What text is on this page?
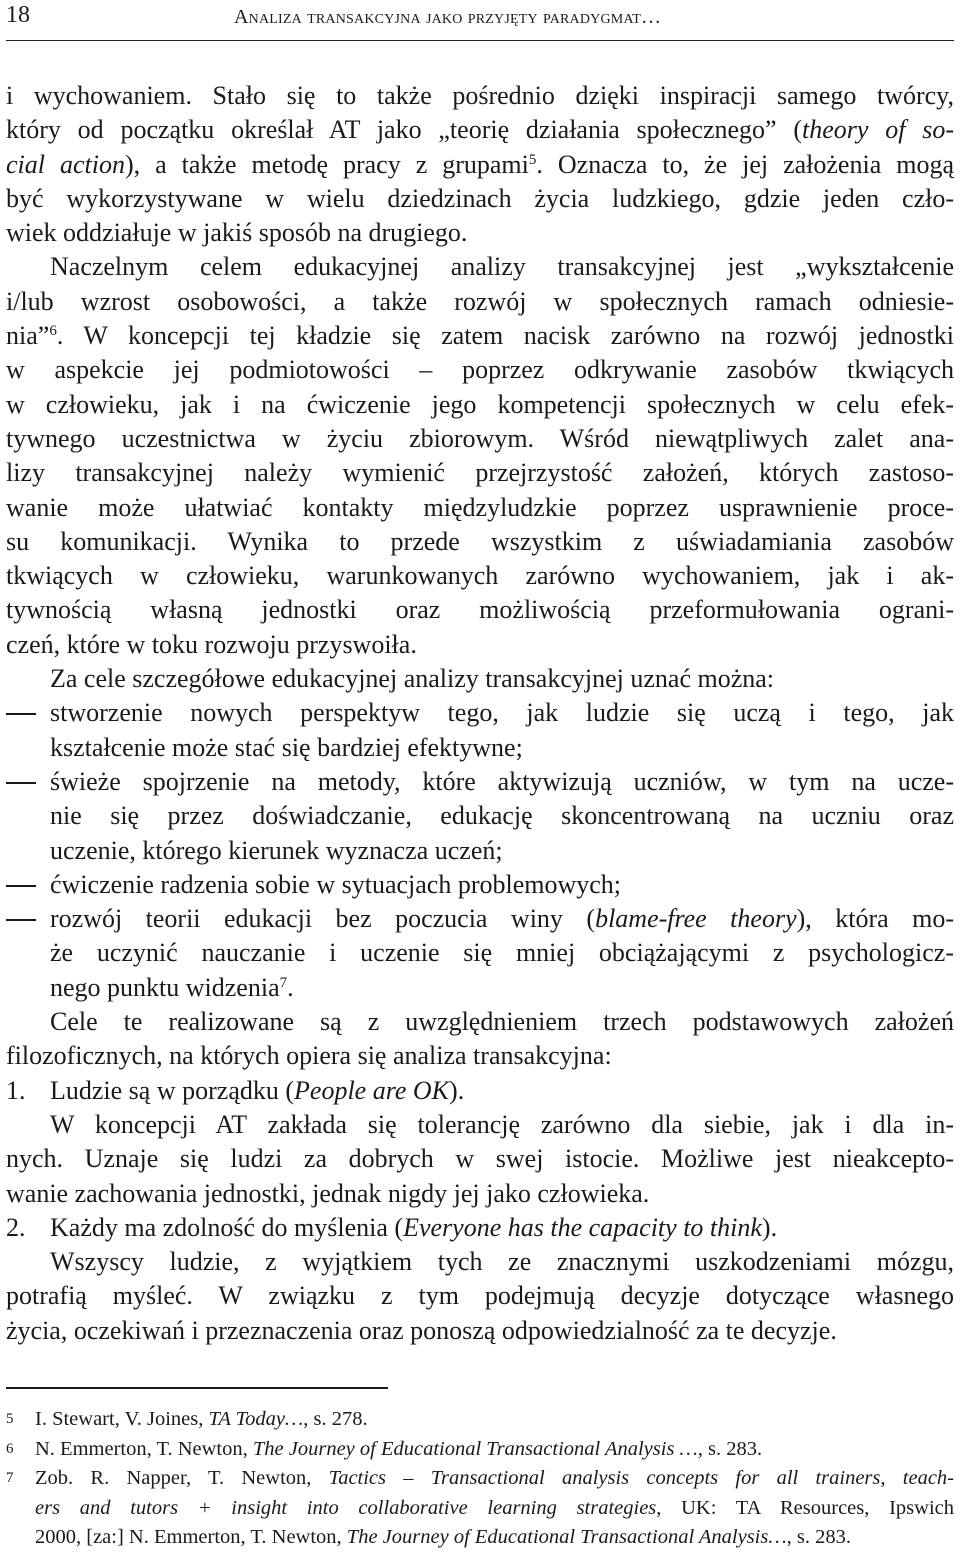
18	Analiza transakcyjna jako przyjęty paradygmat…
i wychowaniem. Stało się to także pośrednio dzięki inspiracji samego twórcy,
który od początku określał AT jako „teorię działania społecznego” (theory of so-
cial action), a także metodę pracy z grupami$^5$. Oznacza to, że jej założenia mogą
być wykorzystywane w wielu dziedzinach życia ludzkiego, gdzie jeden czło-
wiek oddziałuje w jakiś sposób na drugiego.
Naczelnym celem edukacyjnej analizy transakcyjnej jest „wykształcenie
i/lub wzrost osobowości, a także rozwój w społecznych ramach odniesie-
nia”$^6$. W koncepcji tej kładzie się zatem nacisk zarówno na rozwój jednostki
w aspekcie jej podmiotowości – poprzez odkrywanie zasobów tkwiących
w człowieku, jak i na ćwiczenie jego kompetencji społecznych w celu efek-
tywnego uczestnictwa w życiu zbiorowym. Wśród niewątpliwych zalet ana-
lizy transakcyjnej należy wymienić przejrzystość założeń, których zastoso-
wanie może ułatwiać kontakty międzyludzkie poprzez usprawnienie proce-
su komunikacji. Wynika to przede wszystkim z uświadamiania zasobów
tkwiących w człowieku, warunkowanych zarówno wychowaniem, jak i ak-
tywnością własną jednostki oraz możliwością przeformułowania ograni-
czeń, które w toku rozwoju przyswoiła.
Za cele szczegółowe edukacyjnej analizy transakcyjnej uznać można:
stworzenie nowych perspektyw tego, jak ludzie się uczą i tego, jak
kształcenie może stać się bardziej efektywne;
świeże spojrzenie na metody, które aktywizują uczniów, w tym na ucze-
nie się przez doświadczanie, edukację skoncentrowaną na uczniu oraz
uczenie, którego kierunek wyznacza uczeń;
ćwiczenie radzenia sobie w sytuacjach problemowych;
rozwój teorii edukacji bez poczucia winy (blame-free theory), która mo-
że uczynić nauczanie i uczenie się mniej obciążającymi z psychologicz-
nego punktu widzenia$^7$.
Cele te realizowane są z uwzględnieniem trzech podstawowych założeń
filozoficznych, na których opiera się analiza transakcyjna:
1. Ludzie są w porządku (People are OK).
W koncepcji AT zakłada się tolerancję zarówno dla siebie, jak i dla in-
nych. Uznaje się ludzi za dobrych w swej istocie. Możliwe jest nieakcepto-
wanie zachowania jednostki, jednak nigdy jej jako człowieka.
2. Każdy ma zdolność do myślenia (Everyone has the capacity to think).
Wszyscy ludzie, z wyjątkiem tych ze znacznymi uszkodzeniami mózgu,
potrafią myśleć. W związku z tym podejmują decyzje dotyczące własnego
życia, oczekiwań i przeznaczenia oraz ponoszą odpowiedzialność za te decyzje.
5 I. Stewart, V. Joines, TA Today…, s. 278.
6 N. Emmerton, T. Newton, The Journey of Educational Transactional Analysis …, s. 283.
7 Zob. R. Napper, T. Newton, Tactics – Transactional analysis concepts for all trainers, teach-
ers and tutors + insight into collaborative learning strategies, UK: TA Resources, Ipswich
2000, [za:] N. Emmerton, T. Newton, The Journey of Educational Transactional Analysis…, s. 283.
